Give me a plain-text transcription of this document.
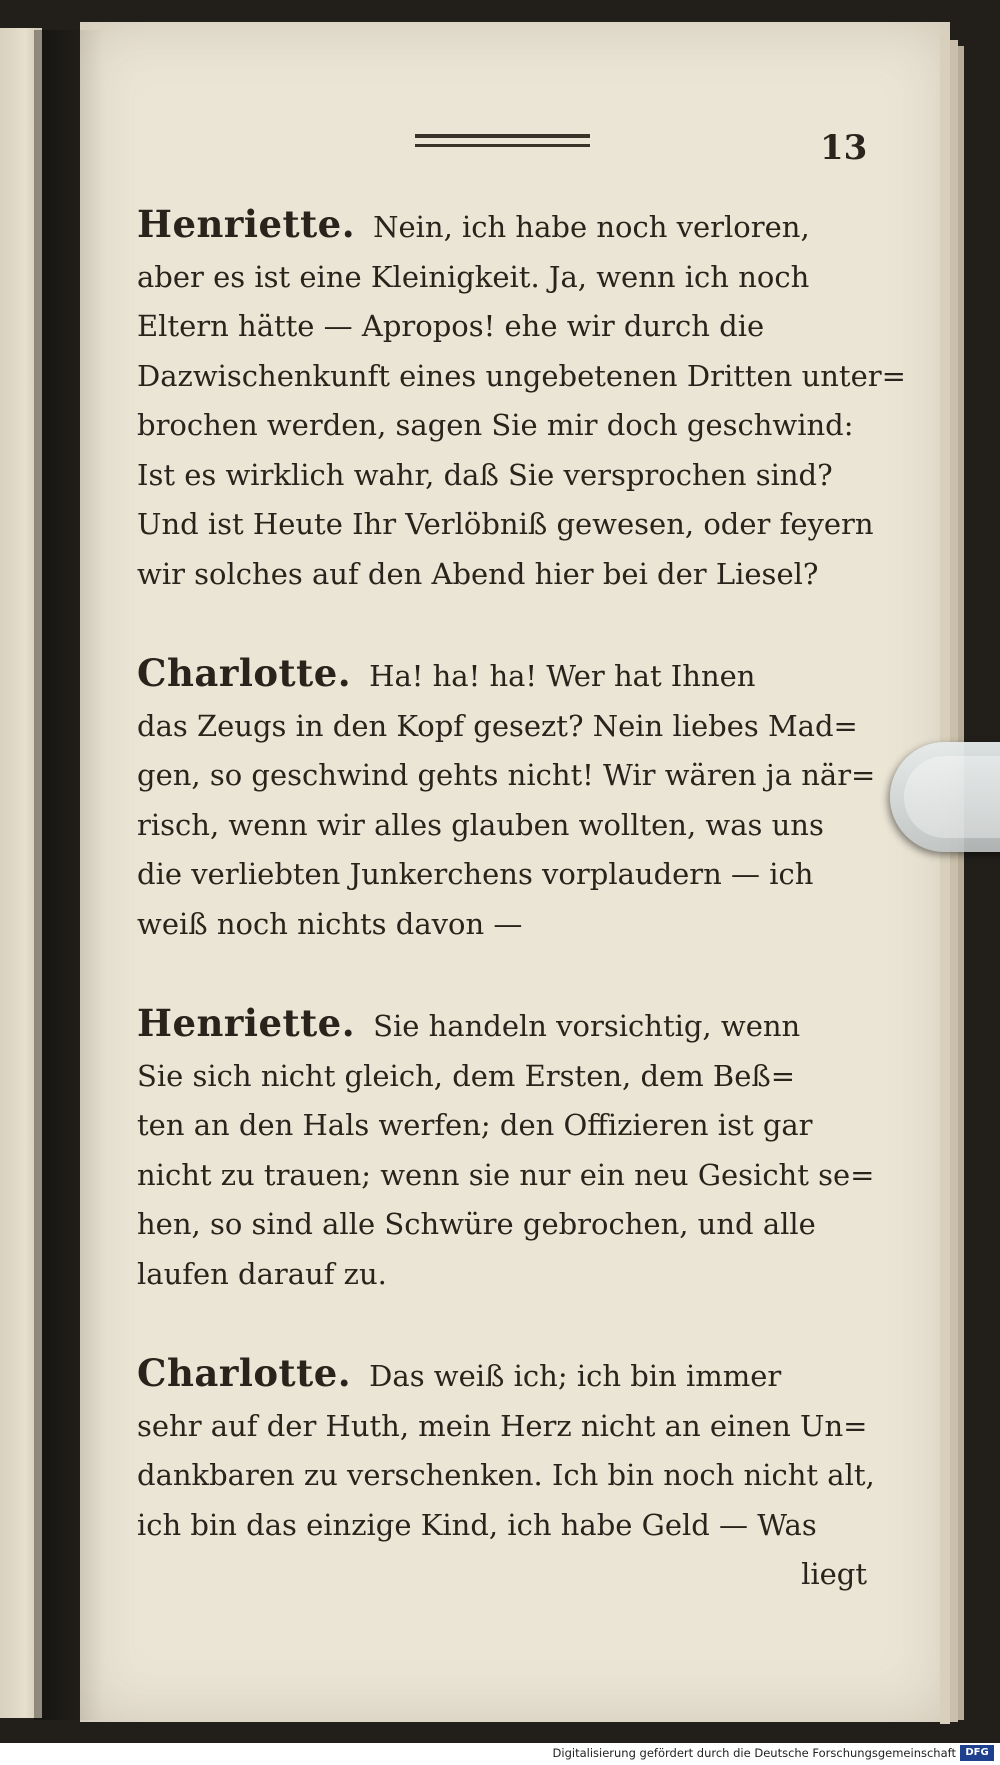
13
Henriette. Nein, ich habe noch verloren,
aber es ist eine Kleinigkeit. Ja, wenn ich noch
Eltern hätte — Apropos! ehe wir durch die
Dazwischenkunft eines ungebetenen Dritten unter=
brochen werden, sagen Sie mir doch geschwind:
Ist es wirklich wahr, daß Sie versprochen sind?
Und ist Heute Ihr Verlöbniß gewesen, oder feyern
wir solches auf den Abend hier bei der Liesel?
Charlotte. Ha! ha! ha! Wer hat Ihnen
das Zeugs in den Kopf gesezt? Nein liebes Mad=
gen, so geschwind gehts nicht! Wir wären ja när=
risch, wenn wir alles glauben wollten, was uns
die verliebten Junkerchens vorplaudern — ich
weiß noch nichts davon —
Henriette. Sie handeln vorsichtig, wenn
Sie sich nicht gleich, dem Ersten, dem Beß=
ten an den Hals werfen; den Offizieren ist gar
nicht zu trauen; wenn sie nur ein neu Gesicht se=
hen, so sind alle Schwüre gebrochen, und alle
laufen darauf zu.
Charlotte. Das weiß ich; ich bin immer
sehr auf der Huth, mein Herz nicht an einen Un=
dankbaren zu verschenken. Ich bin noch nicht alt,
ich bin das einzige Kind, ich habe Geld — Was
liegt
Digitalisierung gefördert durch die Deutsche Forschungsgemeinschaft DFG
